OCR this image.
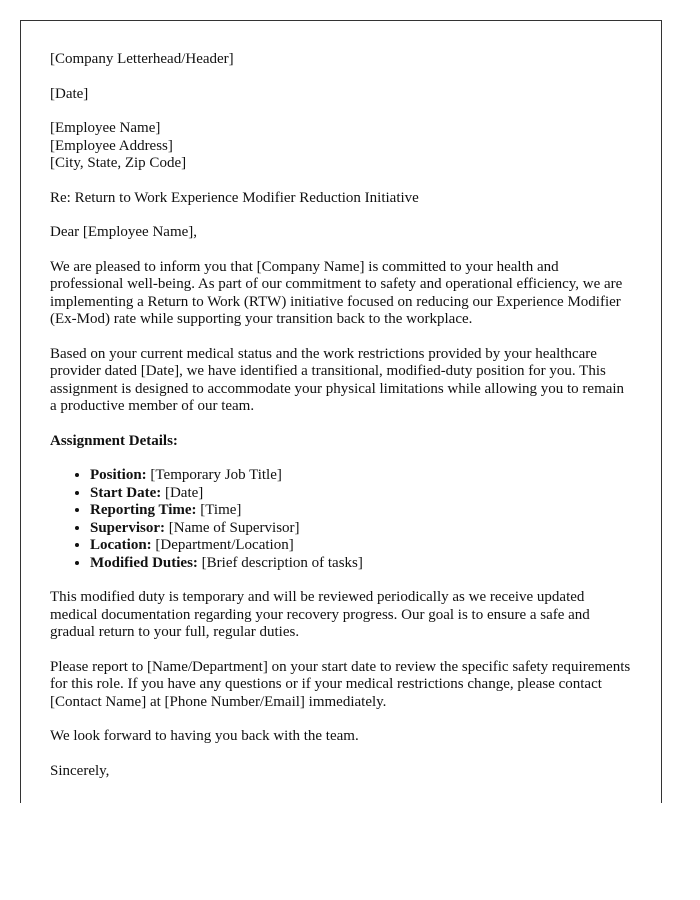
[Company Letterhead/Header]

[Date]

[Employee Name]
[Employee Address]
[City, State, Zip Code]

Re: Return to Work Experience Modifier Reduction Initiative

Dear [Employee Name],

We are pleased to inform you that [Company Name] is committed to your health and professional well-being. As part of our commitment to safety and operational efficiency, we are implementing a Return to Work (RTW) initiative focused on reducing our Experience Modifier (Ex-Mod) rate while supporting your transition back to the workplace.

Based on your current medical status and the work restrictions provided by your healthcare provider dated [Date], we have identified a transitional, modified-duty position for you. This assignment is designed to accommodate your physical limitations while allowing you to remain a productive member of our team.

Assignment Details:

• Position: [Temporary Job Title]
• Start Date: [Date]
• Reporting Time: [Time]
• Supervisor: [Name of Supervisor]
• Location: [Department/Location]
• Modified Duties: [Brief description of tasks]

This modified duty is temporary and will be reviewed periodically as we receive updated medical documentation regarding your recovery progress. Our goal is to ensure a safe and gradual return to your full, regular duties.

Please report to [Name/Department] on your start date to review the specific safety requirements for this role. If you have any questions or if your medical restrictions change, please contact [Contact Name] at [Phone Number/Email] immediately.

We look forward to having you back with the team.

Sincerely,
